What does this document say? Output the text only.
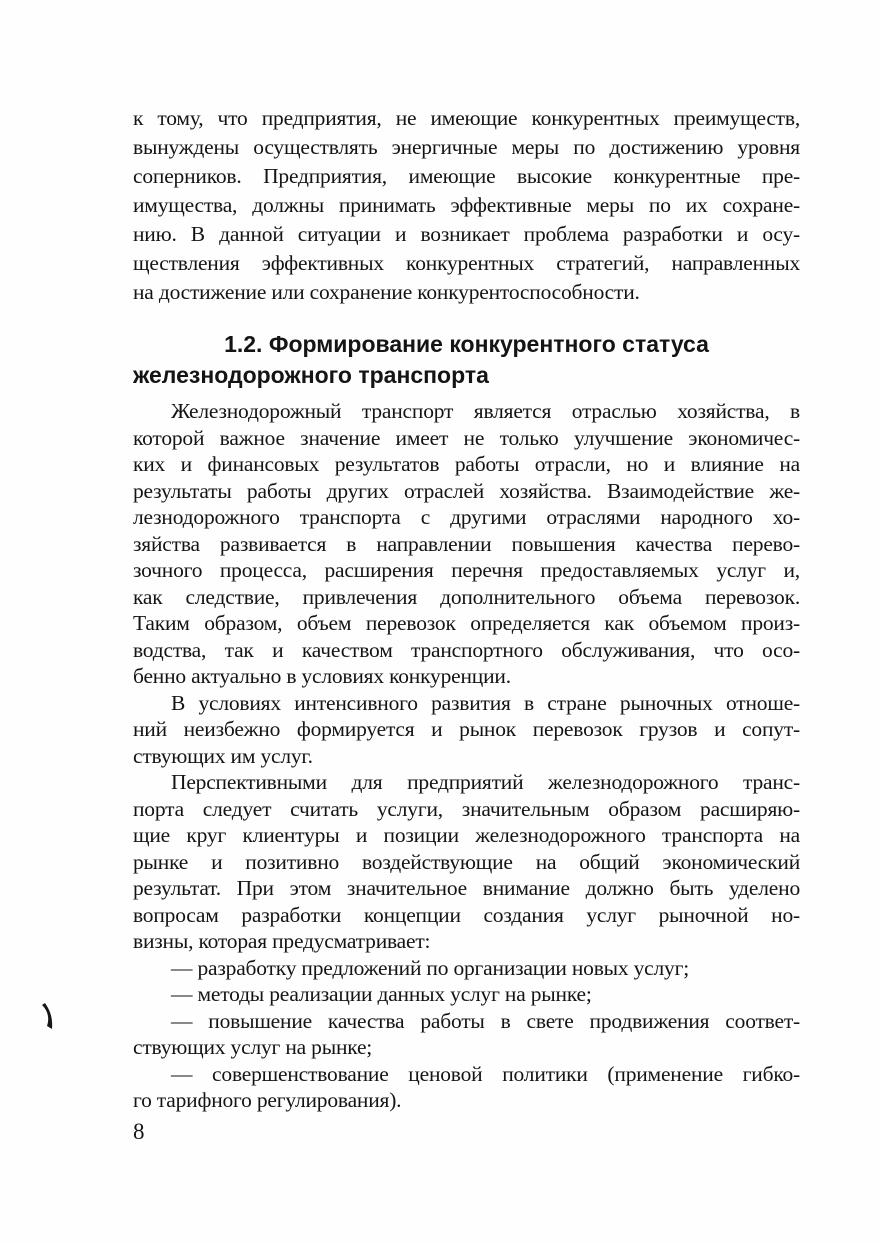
к тому, что предприятия, не имеющие конкурентных преимуществ,
вынуждены осуществлять энергичные меры по достижению уровня
соперников. Предприятия, имеющие высокие конкурентные пре-
имущества, должны принимать эффективные меры по их сохране-
нию. В данной ситуации и возникает проблема разработки и осу-
ществления эффективных конкурентных стратегий, направленных
на достижение или сохранение конкурентоспособности.
1.2. Формирование конкурентного статуса
железнодорожного транспорта
Железнодорожный транспорт является отраслью хозяйства, в
которой важное значение имеет не только улучшение экономичес-
ких и финансовых результатов работы отрасли, но и влияние на
результаты работы других отраслей хозяйства. Взаимодействие же-
лезнодорожного транспорта с другими отраслями народного хо-
зяйства развивается в направлении повышения качества перево-
зочного процесса, расширения перечня предоставляемых услуг и,
как следствие, привлечения дополнительного объема перевозок.
Таким образом, объем перевозок определяется как объемом произ-
водства, так и качеством транспортного обслуживания, что осо-
бенно актуально в условиях конкуренции.
В условиях интенсивного развития в стране рыночных отноше-
ний неизбежно формируется и рынок перевозок грузов и сопут-
ствующих им услуг.
Перспективными для предприятий железнодорожного транс-
порта следует считать услуги, значительным образом расширяю-
щие круг клиентуры и позиции железнодорожного транспорта на
рынке и позитивно воздействующие на общий экономический
результат. При этом значительное внимание должно быть уделено
вопросам разработки концепции создания услуг рыночной но-
визны, которая предусматривает:
— разработку предложений по организации новых услуг;
— методы реализации данных услуг на рынке;
— повышение качества работы в свете продвижения соответ-
ствующих услуг на рынке;
— совершенствование ценовой политики (применение гибко-
го тарифного регулирования).
8
